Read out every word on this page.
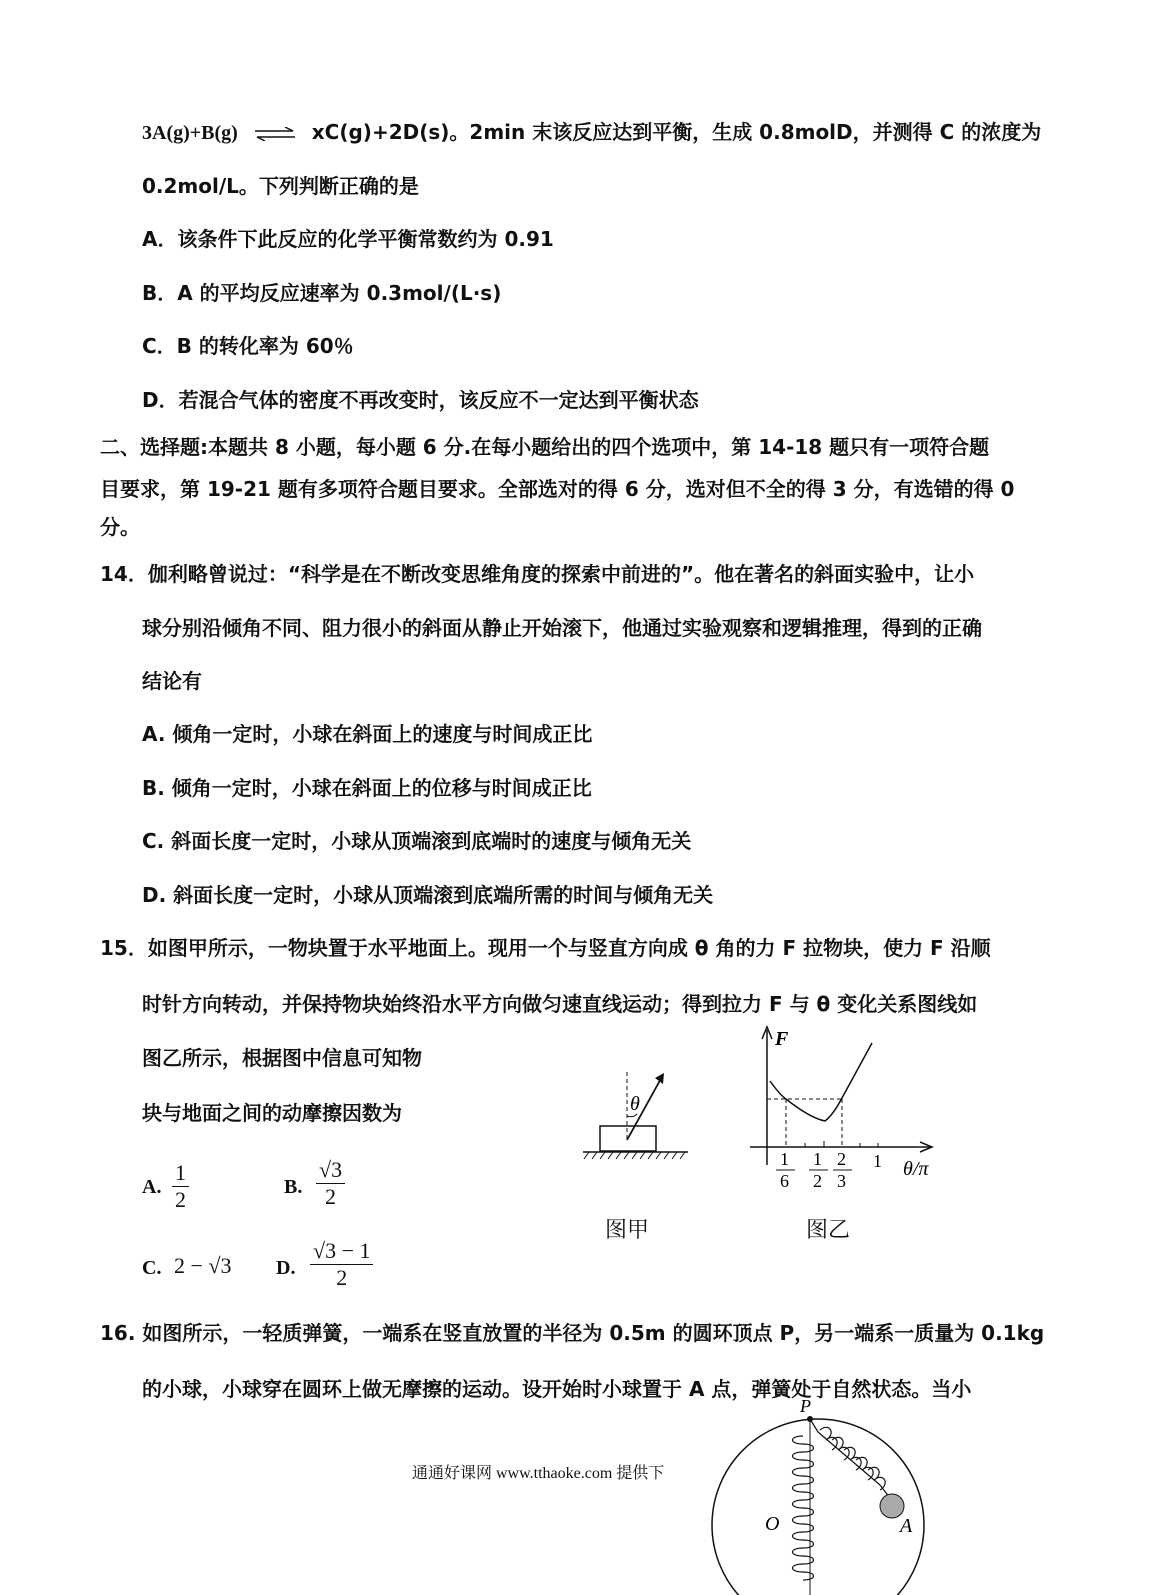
3A(g)+B(g) ⇌ xC(g)+2D(s)。2min 末该反应达到平衡，生成 0.8molD，并测得 C 的浓度为
0.2mol/L。下列判断正确的是
A．该条件下此反应的化学平衡常数约为 0.91
B．A 的平均反应速率为 0.3mol/(L·s)
C．B 的转化率为 60％
D．若混合气体的密度不再改变时，该反应不一定达到平衡状态
二、选择题:本题共 8 小题，每小题 6 分.在每小题给出的四个选项中，第 14-18 题只有一项符合题
目要求，第 19-21 题有多项符合题目要求。全部选对的得 6 分，选对但不全的得 3 分，有选错的得 0
分。
14．伽利略曾说过：“科学是在不断改变思维角度的探索中前进的”。他在著名的斜面实验中，让小
球分别沿倾角不同、阻力很小的斜面从静止开始滚下，他通过实验观察和逻辑推理，得到的正确
结论有
A. 倾角一定时，小球在斜面上的速度与时间成正比
B. 倾角一定时，小球在斜面上的位移与时间成正比
C. 斜面长度一定时，小球从顶端滚到底端时的速度与倾角无关
D. 斜面长度一定时，小球从顶端滚到底端所需的时间与倾角无关
15．如图甲所示，一物块置于水平地面上。现用一个与竖直方向成 θ 角的力 F 拉物块，使力 F 沿顺
时针方向转动，并保持物块始终沿水平方向做匀速直线运动；得到拉力 F 与 θ 变化关系图线如
图乙所示，根据图中信息可知物
块与地面之间的动摩擦因数为
A. $\frac{1}{2}$	B. $\frac{√3}{2}$
C. 2 − √3 D. $\frac{√3 - 1}{2}$
θ
图甲
F
θ/π
1
6
1
2
2
3
1
图乙
16. 如图所示，一轻质弹簧，一端系在竖直放置的半径为 0.5m 的圆环顶点 P，另一端系一质量为 0.1kg
的小球，小球穿在圆环上做无摩擦的运动。设开始时小球置于 A 点，弹簧处于自然状态。当小
P
O	A
通通好课网 www.tthaoke.com 提供下
